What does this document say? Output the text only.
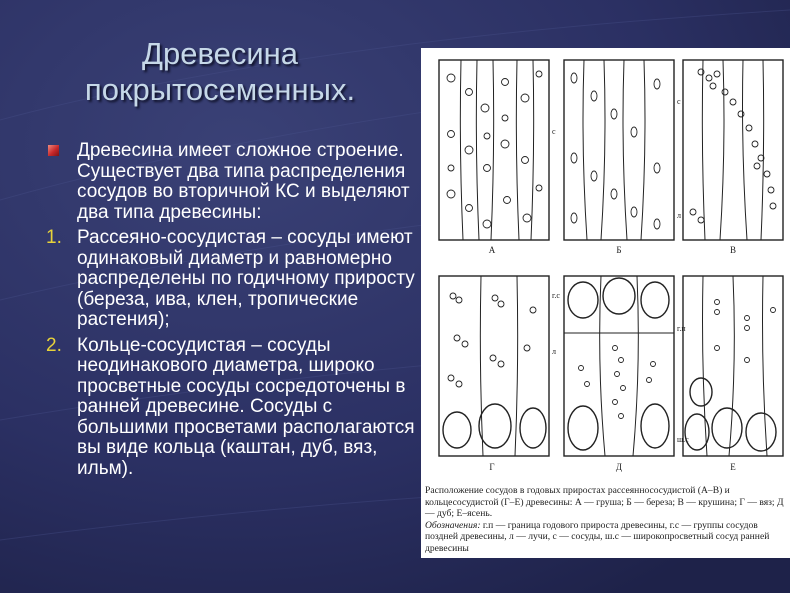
Древесина
покрытосеменных.
Древесина имеет сложное строение. Существует два типа распределения сосудов во вторичной КС и выделяют два типа древесины:
1. Рассеяно-сосудистая – сосуды имеют одинаковый диаметр и равномерно распределены по годичному приросту (береза, ива, клен, тропические растения);
2. Кольце-сосудистая – сосуды неодинакового диаметра, широко просветные сосуды сосредоточены в ранней древесине. Сосуды с большими просветами располагаются вы виде кольца (каштан, дуб, вяз, ильм).
А	Б	В
Г	Д	Е
с
л
с
г.с
л
г.п
ш.с
Расположение сосудов в годовых приростах рассеяннососудистой (А–В) и кольцесосудистой (Г–Е) древесины: А — груша; Б — береза; В — крушина; Г — вяз; Д — дуб; Е–ясень.
Обозначения: г.п — граница годового прироста древесины, г.с — группы сосудов поздней древесины, л — лучи, с — сосуды, ш.с — широкопросветный сосуд ранней древесины
